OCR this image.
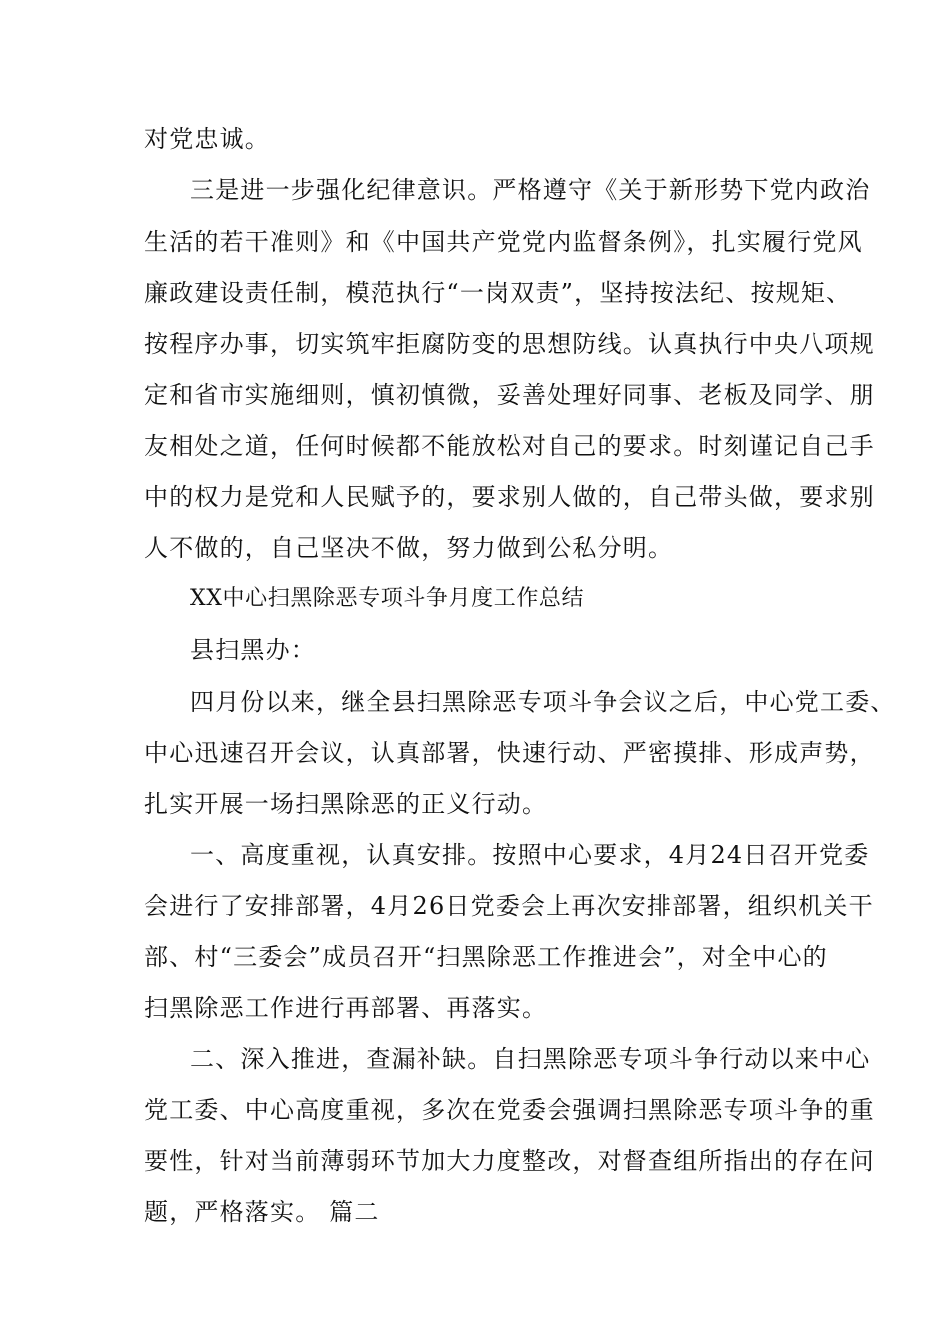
对党忠诚。
三是进一步强化纪律意识。严格遵守《关于新形势下党内政治
生活的若干准则》和《中国共产党党内监督条例》，扎实履行党风
廉政建设责任制，模范执行“一岗双责”，坚持按法纪、按规矩、
按程序办事，切实筑牢拒腐防变的思想防线。认真执行中央八项规
定和省市实施细则，慎初慎微，妥善处理好同事、老板及同学、朋
友相处之道，任何时候都不能放松对自己的要求。时刻谨记自己手
中的权力是党和人民赋予的，要求别人做的，自己带头做，要求别
人不做的，自己坚决不做，努力做到公私分明。
XX中心扫黑除恶专项斗争月度工作总结
县扫黑办：
四月份以来，继全县扫黑除恶专项斗争会议之后，中心党工委、
中心迅速召开会议，认真部署，快速行动、严密摸排、形成声势，
扎实开展一场扫黑除恶的正义行动。
一、高度重视，认真安排。按照中心要求，4月24日召开党委
会进行了安排部署，4月26日党委会上再次安排部署，组织机关干
部、村“三委会”成员召开“扫黑除恶工作推进会”，对全中心的
扫黑除恶工作进行再部署、再落实。
二、深入推进，查漏补缺。自扫黑除恶专项斗争行动以来中心
党工委、中心高度重视，多次在党委会强调扫黑除恶专项斗争的重
要性，针对当前薄弱环节加大力度整改，对督查组所指出的存在问
题，严格落实。 篇二
